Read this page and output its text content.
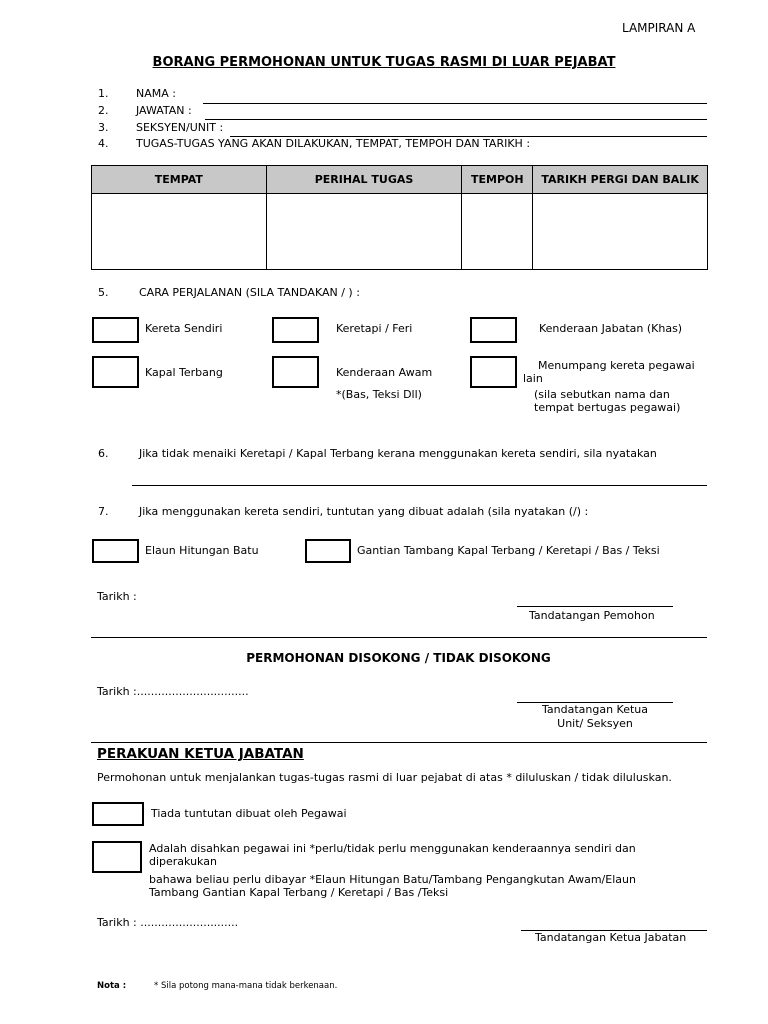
LAMPIRAN A
BORANG PERMOHONAN UNTUK TUGAS RASMI DI LUAR PEJABAT
1.	NAMA :
2.	JAWATAN :
3.	SEKSYEN/UNIT :
4.	TUGAS-TUGAS YANG AKAN DILAKUKAN, TEMPAT, TEMPOH DAN TARIKH :
TEMPAT	PERIHAL TUGAS	TEMPOH	TARIKH PERGI DAN BALIK

5.	CARA PERJALANAN (SILA TANDAKAN / ) :
Kereta Sendiri	Keretapi / Feri	Kenderaan Jabatan (Khas)
Kapal Terbang	Kenderaan Awam
*(Bas, Teksi Dll)
Menumpang kereta pegawai lain
(sila sebutkan nama dan tempat bertugas pegawai)
6.	Jika tidak menaiki Keretapi / Kapal Terbang kerana menggunakan kereta sendiri, sila nyatakan
7.	Jika menggunakan kereta sendiri, tuntutan yang dibuat adalah (sila nyatakan (/) :
Elaun Hitungan Batu	Gantian Tambang Kapal Terbang / Keretapi / Bas / Teksi
Tarikh :
Tandatangan Pemohon
PERMOHONAN DISOKONG / TIDAK DISOKONG
Tarikh :................................
Tandatangan Ketua
Unit/ Seksyen
PERAKUAN KETUA JABATAN
Permohonan untuk menjalankan tugas-tugas rasmi di luar pejabat di atas * diluluskan / tidak diluluskan.
Tiada tuntutan dibuat oleh Pegawai
Adalah disahkan pegawai ini *perlu/tidak perlu menggunakan kenderaannya sendiri dan diperakukan
bahawa beliau perlu dibayar *Elaun Hitungan Batu/Tambang Pengangkutan Awam/Elaun Tambang Gantian Kapal Terbang / Keretapi / Bas /Teksi
Tarikh : ............................
Tandatangan Ketua Jabatan
Nota :	* Sila potong mana-mana tidak berkenaan.
